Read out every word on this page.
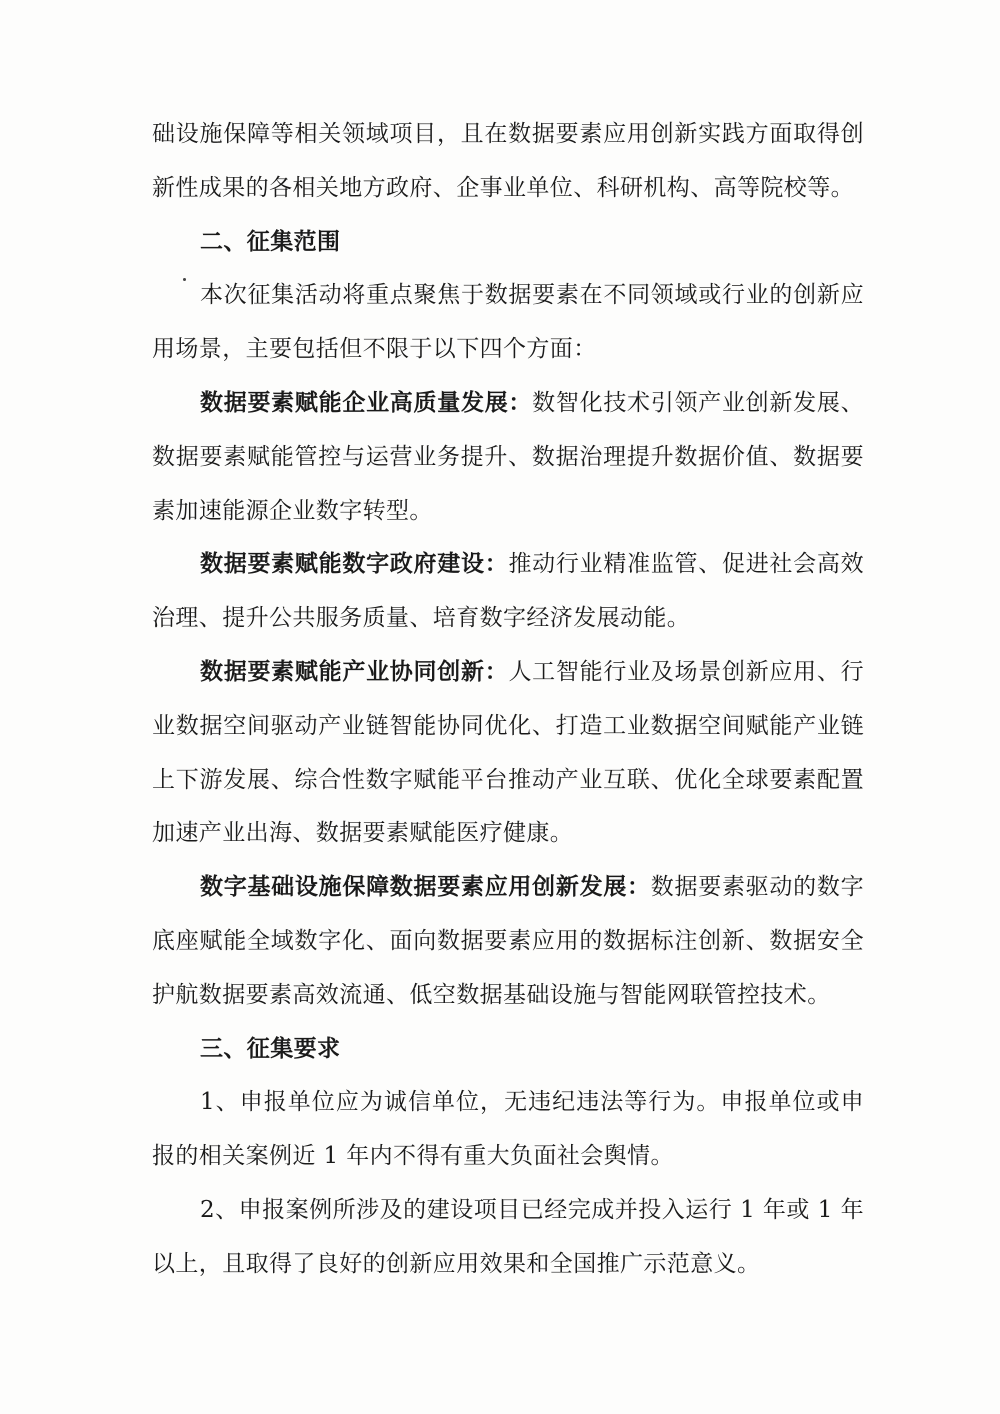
础设施保障等相关领域项目，且在数据要素应用创新实践方面取得创新性成果的各相关地方政府、企事业单位、科研机构、高等院校等。

二、征集范围

本次征集活动将重点聚焦于数据要素在不同领域或行业的创新应用场景，主要包括但不限于以下四个方面：

数据要素赋能企业高质量发展：数智化技术引领产业创新发展、数据要素赋能管控与运营业务提升、数据治理提升数据价值、数据要素加速能源企业数字转型。

数据要素赋能数字政府建设：推动行业精准监管、促进社会高效治理、提升公共服务质量、培育数字经济发展动能。

数据要素赋能产业协同创新：人工智能行业及场景创新应用、行业数据空间驱动产业链智能协同优化、打造工业数据空间赋能产业链上下游发展、综合性数字赋能平台推动产业互联、优化全球要素配置加速产业出海、数据要素赋能医疗健康。

数字基础设施保障数据要素应用创新发展：数据要素驱动的数字底座赋能全域数字化、面向数据要素应用的数据标注创新、数据安全护航数据要素高效流通、低空数据基础设施与智能网联管控技术。

三、征集要求

1、申报单位应为诚信单位，无违纪违法等行为。申报单位或申报的相关案例近 1 年内不得有重大负面社会舆情。

2、申报案例所涉及的建设项目已经完成并投入运行 1 年或 1 年以上，且取得了良好的创新应用效果和全国推广示范意义。
